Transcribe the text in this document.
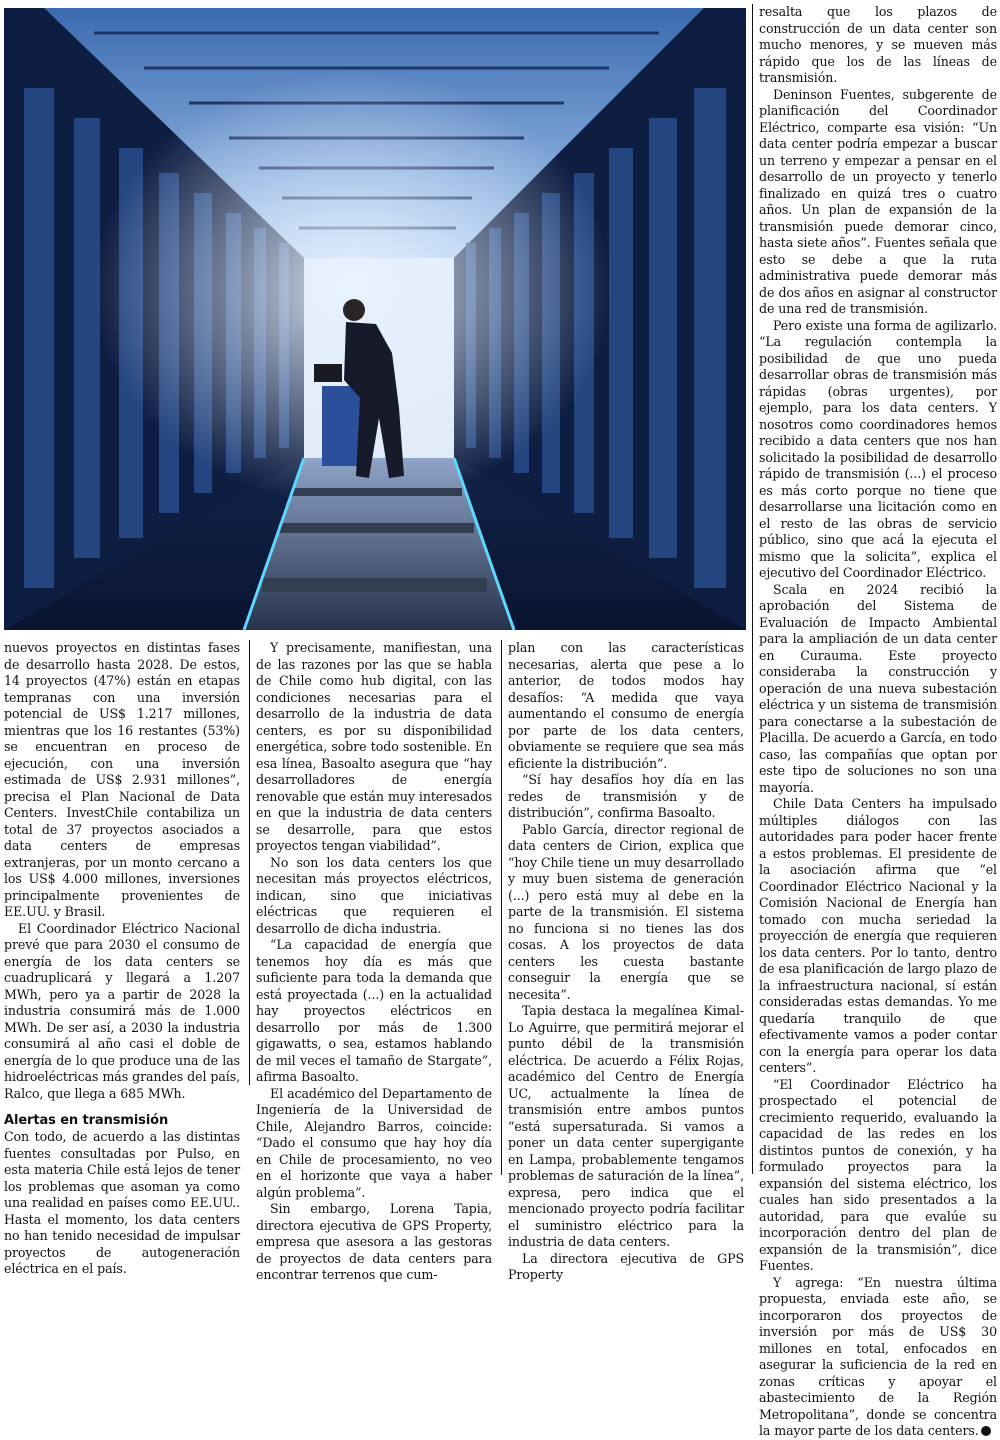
nuevos proyectos en distintas fases de desarrollo hasta 2028. De estos, 14 proyectos (47%) están en etapas tempranas con una inversión potencial de US$ 1.217 millones, mientras que los 16 restantes (53%) se encuentran en proceso de ejecución, con una inversión estimada de US$ 2.931 millones”, precisa el Plan Nacional de Data Centers. InvestChile contabiliza un total de 37 proyectos asociados a data centers de empresas extranjeras, por un monto cercano a los US$ 4.000 millones, inversiones principalmente provenientes de EE.UU. y Brasil.

El Coordinador Eléctrico Nacional prevé que para 2030 el consumo de energía de los data centers se cuadruplicará y llegará a 1.207 MWh, pero ya a partir de 2028 la industria consumirá más de 1.000 MWh. De ser así, a 2030 la industria consumirá al año casi el doble de energía de lo que produce una de las hidroeléctricas más grandes del país, Ralco, que llega a 685 MWh.

Alertas en transmisión

Con todo, de acuerdo a las distintas fuentes consultadas por Pulso, en esta materia Chile está lejos de tener los problemas que asoman ya como una realidad en países como EE.UU.. Hasta el momento, los data centers no han tenido necesidad de impulsar proyectos de autogeneración eléctrica en el país.

Y precisamente, manifiestan, una de las razones por las que se habla de Chile como hub digital, con las condiciones necesarias para el desarrollo de la industria de data centers, es por su disponibilidad energética, sobre todo sostenible. En esa línea, Basoalto asegura que “hay desarrolladores de energía renovable que están muy interesados en que la industria de data centers se desarrolle, para que estos proyectos tengan viabilidad”.

No son los data centers los que necesitan más proyectos eléctricos, indican, sino que iniciativas eléctricas que requieren el desarrollo de dicha industria.

“La capacidad de energía que tenemos hoy día es más que suficiente para toda la demanda que está proyectada (...) en la actualidad hay proyectos eléctricos en desarrollo por más de 1.300 gigawatts, o sea, estamos hablando de mil veces el tamaño de Stargate”, afirma Basoalto.

El académico del Departamento de Ingeniería de la Universidad de Chile, Alejandro Barros, coincide: “Dado el consumo que hay hoy día en Chile de procesamiento, no veo en el horizonte que vaya a haber algún problema”.

Sin embargo, Lorena Tapia, directora ejecutiva de GPS Property, empresa que asesora a las gestoras de proyectos de data centers para encontrar terrenos que cum-

plan con las características necesarias, alerta que pese a lo anterior, de todos modos hay desafíos: “A medida que vaya aumentando el consumo de energía por parte de los data centers, obviamente se requiere que sea más eficiente la distribución”.

“Sí hay desafíos hoy día en las redes de transmisión y de distribución”, confirma Basoalto.

Pablo García, director regional de data centers de Cirion, explica que “hoy Chile tiene un muy desarrollado y muy buen sistema de generación (...) pero está muy al debe en la parte de la transmisión. El sistema no funciona si no tienes las dos cosas. A los proyectos de data centers les cuesta bastante conseguir la energía que se necesita”.

Tapia destaca la megalínea Kimal-Lo Aguirre, que permitirá mejorar el punto débil de la transmisión eléctrica. De acuerdo a Félix Rojas, académico del Centro de Energía UC, actualmente la línea de transmisión entre ambos puntos “está supersaturada. Si vamos a poner un data center supergigante en Lampa, probablemente tengamos problemas de saturación de la línea”, expresa, pero indica que el mencionado proyecto podría facilitar el suministro eléctrico para la industria de data centers.

La directora ejecutiva de GPS Property

resalta que los plazos de construcción de un data center son mucho menores, y se mueven más rápido que los de las líneas de transmisión.

Deninson Fuentes, subgerente de planificación del Coordinador Eléctrico, comparte esa visión: “Un data center podría empezar a buscar un terreno y empezar a pensar en el desarrollo de un proyecto y tenerlo finalizado en quizá tres o cuatro años. Un plan de expansión de la transmisión puede demorar cinco, hasta siete años”. Fuentes señala que esto se debe a que la ruta administrativa puede demorar más de dos años en asignar al constructor de una red de transmisión.

Pero existe una forma de agilizarlo. “La regulación contempla la posibilidad de que uno pueda desarrollar obras de transmisión más rápidas (obras urgentes), por ejemplo, para los data centers. Y nosotros como coordinadores hemos recibido a data centers que nos han solicitado la posibilidad de desarrollo rápido de transmisión (...) el proceso es más corto porque no tiene que desarrollarse una licitación como en el resto de las obras de servicio público, sino que acá la ejecuta el mismo que la solicita”, explica el ejecutivo del Coordinador Eléctrico.

Scala en 2024 recibió la aprobación del Sistema de Evaluación de Impacto Ambiental para la ampliación de un data center en Curauma. Este proyecto consideraba la construcción y operación de una nueva subestación eléctrica y un sistema de transmisión para conectarse a la subestación de Placilla. De acuerdo a García, en todo caso, las compañías que optan por este tipo de soluciones no son una mayoría.

Chile Data Centers ha impulsado múltiples diálogos con las autoridades para poder hacer frente a estos problemas. El presidente de la asociación afirma que “el Coordinador Eléctrico Nacional y la Comisión Nacional de Energía han tomado con mucha seriedad la proyección de energía que requieren los data centers. Por lo tanto, dentro de esa planificación de largo plazo de la infraestructura nacional, sí están consideradas estas demandas. Yo me quedaría tranquilo de que efectivamente vamos a poder contar con la energía para operar los data centers”.

“El Coordinador Eléctrico ha prospectado el potencial de crecimiento requerido, evaluando la capacidad de las redes en los distintos puntos de conexión, y ha formulado proyectos para la expansión del sistema eléctrico, los cuales han sido presentados a la autoridad, para que evalúe su incorporación dentro del plan de expansión de la transmisión”, dice Fuentes.

Y agrega: “En nuestra última propuesta, enviada este año, se incorporaron dos proyectos de inversión por más de US$ 30 millones en total, enfocados en asegurar la suficiencia de la red en zonas críticas y apoyar el abastecimiento de la Región Metropolitana”, donde se concentra la mayor parte de los data centers.
